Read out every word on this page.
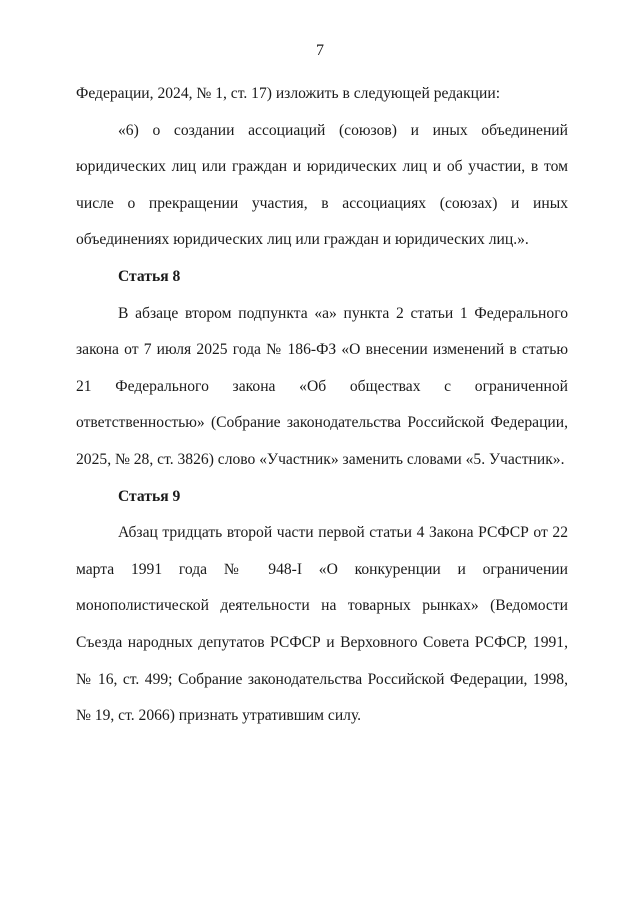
7

Федерации, 2024, № 1, ст. 17) изложить в следующей редакции:

«6) о создании ассоциаций (союзов) и иных объединений юридических лиц или граждан и юридических лиц и об участии, в том числе о прекращении участия, в ассоциациях (союзах) и иных объединениях юридических лиц или граждан и юридических лиц.».

Статья 8

В абзаце втором подпункта «а» пункта 2 статьи 1 Федерального закона от 7 июля 2025 года № 186-ФЗ «О внесении изменений в статью 21 Федерального закона «Об обществах с ограниченной ответственностью» (Собрание законодательства Российской Федерации, 2025, № 28, ст. 3826) слово «Участник» заменить словами «5. Участник».

Статья 9

Абзац тридцать второй части первой статьи 4 Закона РСФСР от 22 марта 1991 года № 948-I «О конкуренции и ограничении монополистической деятельности на товарных рынках» (Ведомости Съезда народных депутатов РСФСР и Верховного Совета РСФСР, 1991, № 16, ст. 499; Собрание законодательства Российской Федерации, 1998, № 19, ст. 2066) признать утратившим силу.
